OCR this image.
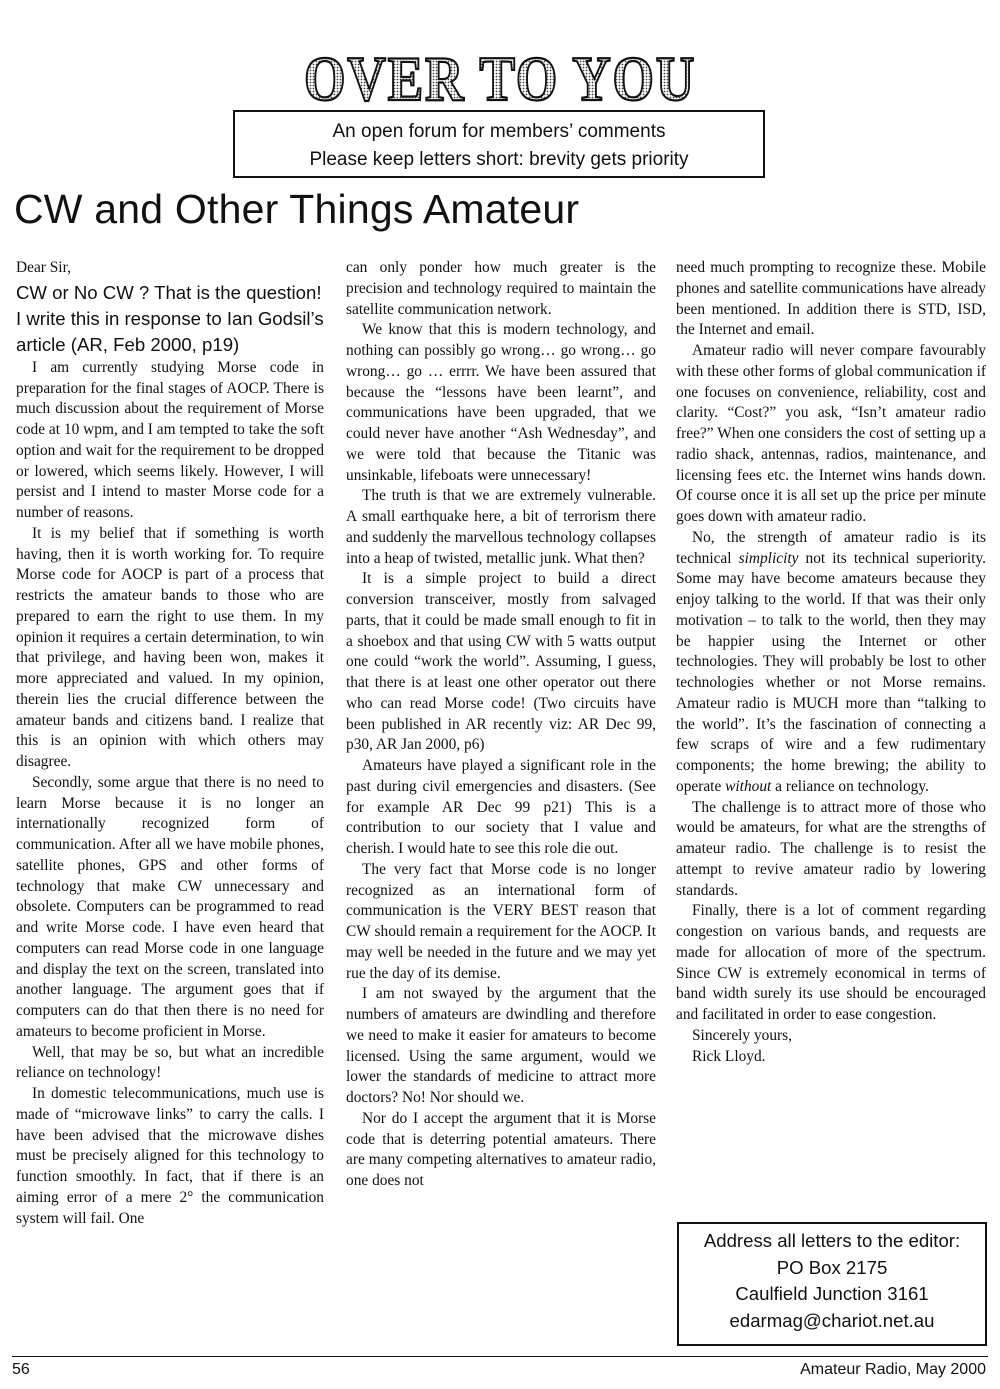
OVER TO YOU
An open forum for members’ comments
Please keep letters short: brevity gets priority
CW and Other Things Amateur

Dear Sir,

CW or No CW ? That is the question! I write this in response to Ian Godsil’s article (AR, Feb 2000, p19)

I am currently studying Morse code in preparation for the final stages of AOCP. There is much discussion about the requirement of Morse code at 10 wpm, and I am tempted to take the soft option and wait for the requirement to be dropped or lowered, which seems likely. However, I will persist and I intend to master Morse code for a number of reasons.

It is my belief that if something is worth having, then it is worth working for. To require Morse code for AOCP is part of a process that restricts the amateur bands to those who are prepared to earn the right to use them. In my opinion it requires a certain determination, to win that privilege, and having been won, makes it more appreciated and valued. In my opinion, therein lies the crucial difference between the amateur bands and citizens band. I realize that this is an opinion with which others may disagree.

Secondly, some argue that there is no need to learn Morse because it is no longer an internationally recognized form of communication. After all we have mobile phones, satellite phones, GPS and other forms of technology that make CW unnecessary and obsolete. Computers can be programmed to read and write Morse code. I have even heard that computers can read Morse code in one language and display the text on the screen, translated into another language. The argument goes that if computers can do that then there is no need for amateurs to become proficient in Morse.

Well, that may be so, but what an incredible reliance on technology!

In domestic telecommunications, much use is made of “microwave links” to carry the calls. I have been advised that the microwave dishes must be precisely aligned for this technology to function smoothly. In fact, that if there is an aiming error of a mere 2° the communication system will fail. One

can only ponder how much greater is the precision and technology required to maintain the satellite communication network.

We know that this is modern technology, and nothing can possibly go wrong… go wrong… go wrong… go … errrr. We have been assured that because the “lessons have been learnt”, and communications have been upgraded, that we could never have another “Ash Wednesday”, and we were told that because the Titanic was unsinkable, lifeboats were unnecessary!

The truth is that we are extremely vulnerable. A small earthquake here, a bit of terrorism there and suddenly the marvellous technology collapses into a heap of twisted, metallic junk. What then?

It is a simple project to build a direct conversion transceiver, mostly from salvaged parts, that it could be made small enough to fit in a shoebox and that using CW with 5 watts output one could “work the world”. Assuming, I guess, that there is at least one other operator out there who can read Morse code! (Two circuits have been published in AR recently viz: AR Dec 99, p30, AR Jan 2000, p6)

Amateurs have played a significant role in the past during civil emergencies and disasters. (See for example AR Dec 99 p21) This is a contribution to our society that I value and cherish. I would hate to see this role die out.

The very fact that Morse code is no longer recognized as an international form of communication is the VERY BEST reason that CW should remain a requirement for the AOCP. It may well be needed in the future and we may yet rue the day of its demise.

I am not swayed by the argument that the numbers of amateurs are dwindling and therefore we need to make it easier for amateurs to become licensed. Using the same argument, would we lower the standards of medicine to attract more doctors? No! Nor should we.

Nor do I accept the argument that it is Morse code that is deterring potential amateurs. There are many competing alternatives to amateur radio, one does not

need much prompting to recognize these. Mobile phones and satellite communications have already been mentioned. In addition there is STD, ISD, the Internet and email.

Amateur radio will never compare favourably with these other forms of global communication if one focuses on convenience, reliability, cost and clarity. “Cost?” you ask, “Isn’t amateur radio free?” When one considers the cost of setting up a radio shack, antennas, radios, maintenance, and licensing fees etc. the Internet wins hands down. Of course once it is all set up the price per minute goes down with amateur radio.

No, the strength of amateur radio is its technical simplicity not its technical superiority. Some may have become amateurs because they enjoy talking to the world. If that was their only motivation – to talk to the world, then they may be happier using the Internet or other technologies. They will probably be lost to other technologies whether or not Morse remains. Amateur radio is MUCH more than “talking to the world”. It’s the fascination of connecting a few scraps of wire and a few rudimentary components; the home brewing; the ability to operate without a reliance on technology.

The challenge is to attract more of those who would be amateurs, for what are the strengths of amateur radio. The challenge is to resist the attempt to revive amateur radio by lowering standards.

Finally, there is a lot of comment regarding congestion on various bands, and requests are made for allocation of more of the spectrum. Since CW is extremely economical in terms of band width surely its use should be encouraged and facilitated in order to ease congestion.

Sincerely yours,

Rick Lloyd.

Address all letters to the editor:
PO Box 2175
Caulfield Junction 3161
edarmag@chariot.net.au
56	Amateur Radio, May 2000
